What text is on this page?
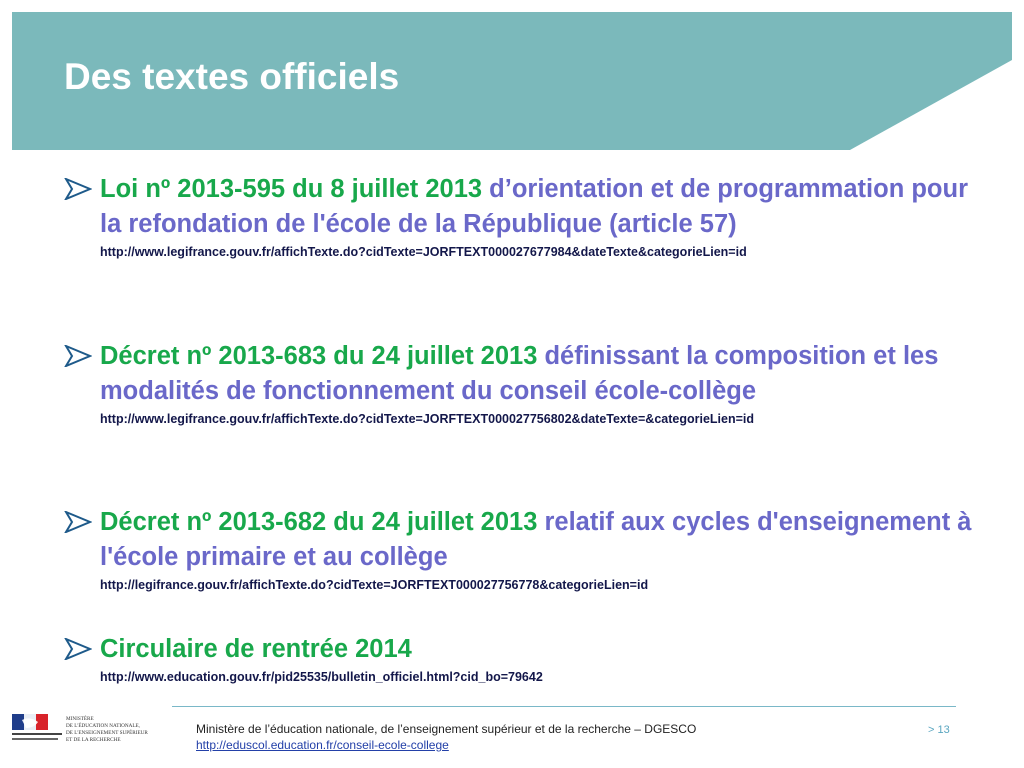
Des textes officiels

Loi nº 2013-595 du 8 juillet 2013 d’orientation et de programmation pour la refondation de l'école de la République (article 57)

http://www.legifrance.gouv.fr/affichTexte.do?cidTexte=JORFTEXT000027677984&dateTexte&categorieLien=id

Décret nº 2013-683 du 24 juillet 2013 définissant la composition et les modalités de fonctionnement du conseil école-collège

http://www.legifrance.gouv.fr/affichTexte.do?cidTexte=JORFTEXT000027756802&dateTexte=&categorieLien=id

Décret nº 2013-682 du 24 juillet 2013 relatif aux cycles d'enseignement à l'école primaire et au collège

http://legifrance.gouv.fr/affichTexte.do?cidTexte=JORFTEXT000027756778&categorieLien=id

Circulaire de rentrée 2014

http://www.education.gouv.fr/pid25535/bulletin_officiel.html?cid_bo=79642
MINISTÈRE
DE L'ÉDUCATION NATIONALE,
DE L'ENSEIGNEMENT SUPÉRIEUR
ET DE LA RECHERCHE
Ministère de l’éducation nationale, de l’enseignement supérieur et de la recherche – DGESCO
http://eduscol.education.fr/conseil-ecole-college
> 13
